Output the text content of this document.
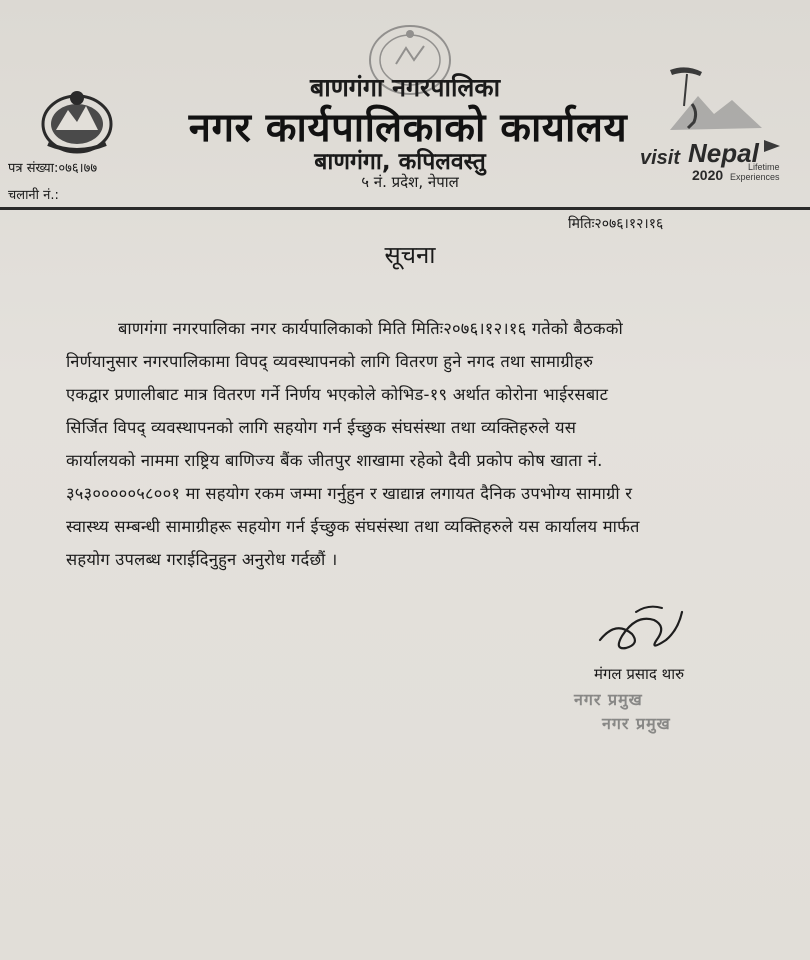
बाणगंगा नगरपालिका
नगर कार्यपालिकाको कार्यालय
बाणगंगा, कपिलवस्तु
५ नं. प्रदेश, नेपाल
पत्र संख्या:०७६।७७
चलानी नं.:
visit Nepal
Lifetime
2020 Experiences
मितिः२०७६।१२।१६
सूचना
बाणगंगा नगरपालिका नगर कार्यपालिकाको मिति मितिः२०७६।१२।१६ गतेको बैठकको
निर्णयानुसार नगरपालिकामा विपद् व्यवस्थापनको लागि वितरण हुने नगद तथा सामाग्रीहरु
एकद्वार प्रणालीबाट मात्र वितरण गर्ने निर्णय भएकोले कोभिड-१९ अर्थात कोरोना भाईरसबाट
सिर्जित विपद् व्यवस्थापनको लागि सहयोग गर्न ईच्छुक संघसंस्था तथा व्यक्तिहरुले यस
कार्यालयको नाममा राष्ट्रिय बाणिज्य बैंक जीतपुर शाखामा रहेको दैवी प्रकोप कोष खाता नं.
३५३०००००५८००१ मा सहयोग रकम जम्मा गर्नुहुन र खाद्यान्न लगायत दैनिक उपभोग्य सामाग्री र
स्वास्थ्य सम्बन्धी सामाग्रीहरू सहयोग गर्न ईच्छुक संघसंस्था तथा व्यक्तिहरुले यस कार्यालय मार्फत
सहयोग उपलब्ध गराईदिनुहुन अनुरोध गर्दछौं ।
मंगल प्रसाद थारु
नगर प्रमुख
नगर प्रमुख
